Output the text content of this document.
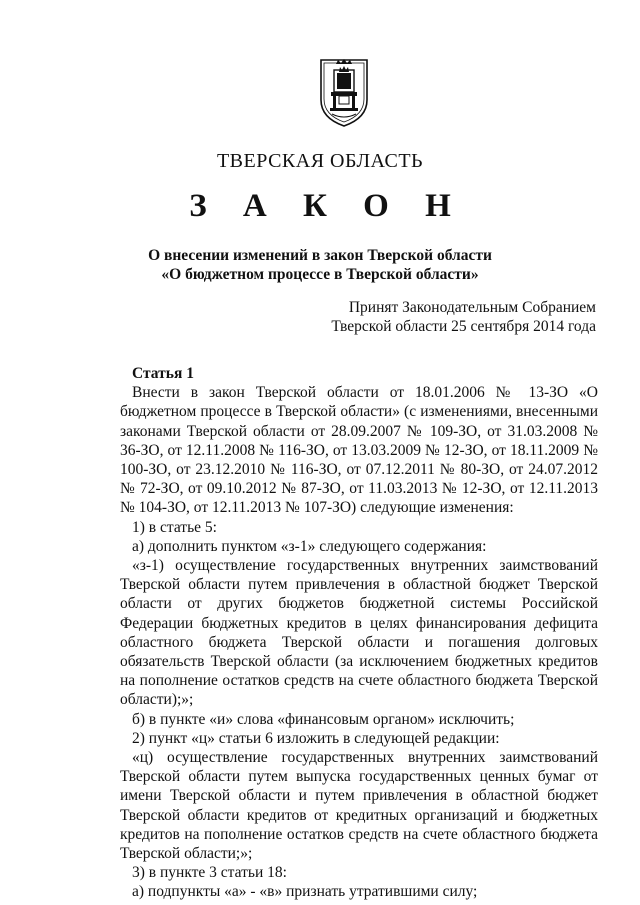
ТВЕРСКАЯ ОБЛАСТЬ
З А К О Н
О внесении изменений в закон Тверской области
«О бюджетном процессе в Тверской области»
Принят Законодательным Собранием
Тверской области 25 сентября 2014 года
Статья 1

Внести в закон Тверской области от 18.01.2006 № 13-ЗО «О бюджетном процессе в Тверской области» (с изменениями, внесенными законами Тверской области от 28.09.2007 № 109-ЗО, от 31.03.2008 № 36-ЗО, от 12.11.2008 № 116-ЗО, от 13.03.2009 № 12-ЗО, от 18.11.2009 № 100-ЗО, от 23.12.2010 № 116-ЗО, от 07.12.2011 № 80-ЗО, от 24.07.2012 № 72-ЗО, от 09.10.2012 № 87-ЗО, от 11.03.2013 № 12-ЗО, от 12.11.2013 № 104-ЗО, от 12.11.2013 № 107-ЗО) следующие изменения:

1) в статье 5:

а) дополнить пунктом «з-1» следующего содержания:

«з-1) осуществление государственных внутренних заимствований Тверской области путем привлечения в областной бюджет Тверской области от других бюджетов бюджетной системы Российской Федерации бюджетных кредитов в целях финансирования дефицита областного бюджета Тверской области и погашения долговых обязательств Тверской области (за исключением бюджетных кредитов на пополнение остатков средств на счете областного бюджета Тверской области);»;

б) в пункте «и» слова «финансовым органом» исключить;

2) пункт «ц» статьи 6 изложить в следующей редакции:

«ц) осуществление государственных внутренних заимствований Тверской области путем выпуска государственных ценных бумаг от имени Тверской области и путем привлечения в областной бюджет Тверской области кредитов от кредитных организаций и бюджетных кредитов на пополнение остатков средств на счете областного бюджета Тверской области;»;

3) в пункте 3 статьи 18:

а) подпункты «а» - «в» признать утратившими силу;
